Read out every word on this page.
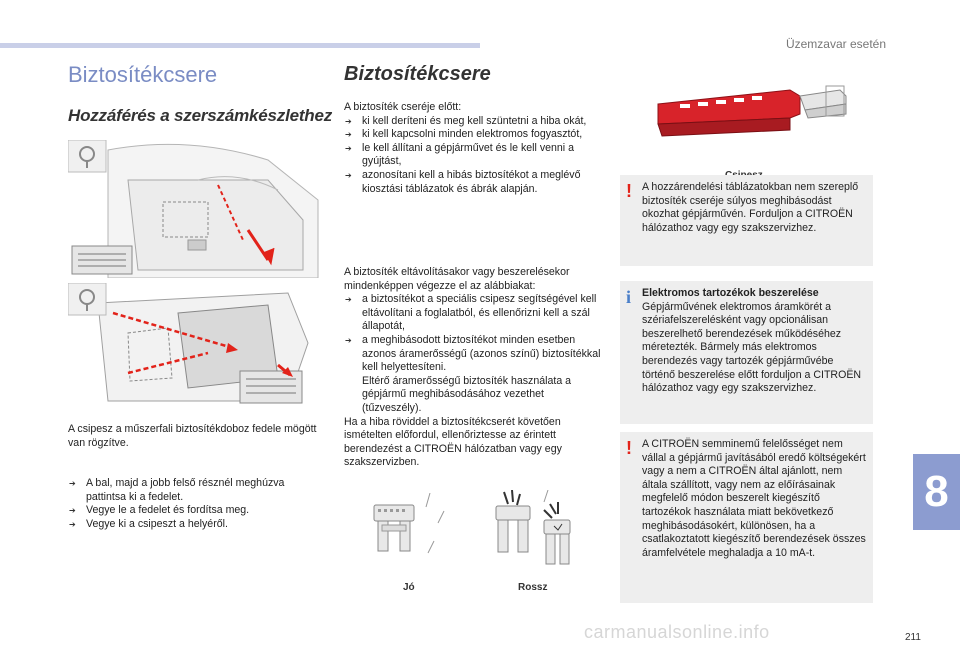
Üzemzavar esetén
Biztosítékcsere
Hozzáférés a szerszámkészlethez
A csipesz a műszerfali biztosítékdoboz fedele mögött van rögzítve.
➔ A bal, majd a jobb felső résznél meghúzva pattintsa ki a fedelet.
➔ Vegye le a fedelet és fordítsa meg.
➔ Vegye ki a csipeszt a helyéről.
Biztosítékcsere

A biztosíték cseréje előtt:

➔ ki kell deríteni és meg kell szüntetni a hiba okát,
➔ ki kell kapcsolni minden elektromos fogyasztót,
➔ le kell állítani a gépjárművet és le kell venni a gyújtást,
➔ azonosítani kell a hibás biztosítékot a meglévő kiosztási táblázatok és ábrák alapján.

A biztosíték eltávolításakor vagy beszerelésekor mindenképpen végezze el az alábbiakat:

➔ a biztosítékot a speciális csipesz segítségével kell eltávolítani a foglalatból, és ellenőrizni kell a szál állapotát,
➔ a meghibásodott biztosítékot minden esetben azonos áramerősségű (azonos színű) biztosítékkal kell helyettesíteni.
Eltérő áramerősségű biztosíték használata a gépjármű meghibásodásához vezethet (tűzveszély).

Ha a hiba röviddel a biztosítékcserét követően ismételten előfordul, ellenőriztesse az érintett berendezést a CITROËN hálózatban vagy egy szakszervizben.

Jó	Rossz
! A hozzárendelési táblázatokban nem szereplő biztosíték cseréje súlyos meghibásodást okozhat gépjárművén. Forduljon a CITROËN hálózathoz vagy egy szakszervizhez.
i Elektromos tartozékok beszerelése

Gépjárművének elektromos áramkörét a szériafelszerelésként vagy opcionálisan beszerelhető berendezések működéséhez méretezték. Bármely más elektromos berendezés vagy tartozék gépjárművébe történő beszerelése előtt forduljon a CITROËN hálózathoz vagy egy szakszervizhez.

! A CITROËN semminemű felelősséget nem vállal a gépjármű javításából eredő költségekért vagy a nem a CITROËN által ajánlott, nem általa szállított, vagy nem az előírásainak megfelelő módon beszerelt kiegészítő tartozékok használata miatt bekövetkező meghibásodásokért, különösen, ha a csatlakoztatott kiegészítő berendezések összes áramfelvétele meghaladja a 10 mA-t.
8
211
carmanualsonline.info
